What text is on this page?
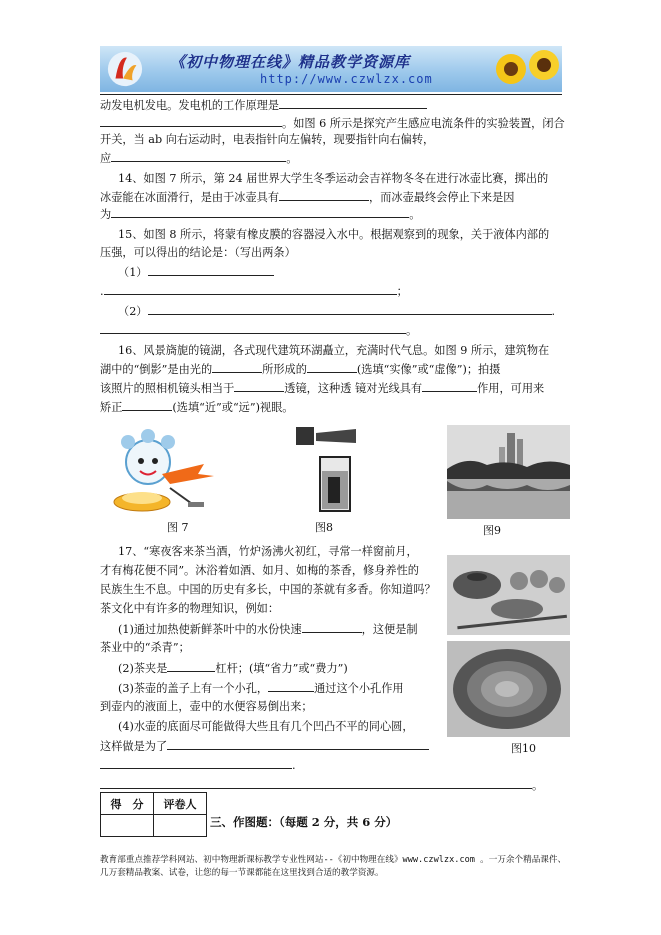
《初中物理在线》精品教学资源库
http://www.czwlzx.com
动发电机发电。发电机的工作原理是
。如图 6 所示是探究产生感应电流条件的实验装置，闭合
开关，当 ab 向右运动时，电表指针向左偏转，现要指针向右偏转，
应	。
14、如图 7 所示，第 24 届世界大学生冬季运动会吉祥物冬冬在进行冰壶比赛，掷出的
冰壶能在冰面滑行，是由于冰壶具有	，而冰壶最终会停止下来是因
为	。
15、如图 8 所示，将蒙有橡皮膜的容器浸入水中。根据观察到的现象，关于液体内部的
压强，可以得出的结论是：（写出两条）
（1）
.	；
（2）	.
。
16、风景旖旎的镜湖，各式现代建筑环湖矗立，充满时代气息。如图 9 所示，建筑物在
湖中的“倒影”是由光的	所形成的	(选填“实像”或“虚像”)；拍摄
该照片的照相机镜头相当于	透镜，这种透 镜对光线具有	作用，可用来
矫正	(选填“近”或“远”)视眼。
图 7	图8	图9
17、“寒夜客来茶当酒，竹炉汤沸火初红，寻常一样窗前月，
才有梅花便不同”。沐浴着如酒、如月、如梅的茶香，修身养性的
民族生生不息。中国的历史有多长，中国的茶就有多香。你知道吗？
茶文化中有许多的物理知识，例如：
(1)通过加热使新鲜茶叶中的水份快速	，这便是制
茶业中的“杀青”；
(2)茶夹是	杠杆；(填“省力”或“费力”)
(3)茶壶的盖子上有一个小孔，	通过这个小孔作用
到壶内的液面上，壶中的水便容易倒出来；
(4)水壶的底面尽可能做得大些且有几个凹凸不平的同心圆，
这样做是为了
.
。
图10
得　分	评卷人

三、作图题：（每题 2 分，共 6 分）
教育部重点推荐学科网站、初中物理新课标教学专业性网站--《初中物理在线》www.czwlzx.com 。一万余个精品课件、几万套精品教案、试卷，让您的每一节课都能在这里找到合适的教学资源。
